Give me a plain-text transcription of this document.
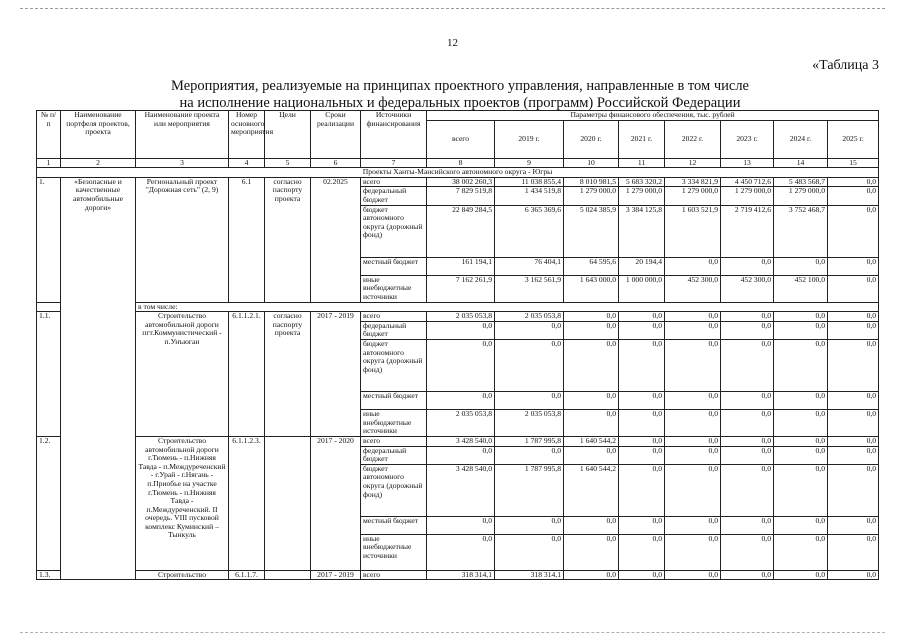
12
«Таблица 3
Мероприятия, реализуемые на принципах проектного управления, направленные в том числе
на исполнение национальных и федеральных проектов (программ) Российской Федерации
№ п/п	Наименование портфеля проектов, проекта	Наименование проекта или мероприятия	Номер основного мероприятия	Цели	Сроки реализации	Источники финансирования	Параметры финансового обеспечения, тыс. рублей							
							всего	2019 г.	2020 г.	2021 г.	2022 г.	2023 г.	2024 г.	2025 г.
1	2	3	4	5	6	7	8	9	10	11	12	13	14	15
Проекты Ханты-Мансийского автономного округа - Югры														
1.	«Безопасные и качественные автомобильные дороги»	Региональный проект "Дорожная сеть" (2, 9)	6.1	согласно паспорту проекта	02.2025	всего	38 002 260,3	11 038 855,4	8 010 981,5	5 683 320,2	3 334 821,9	4 450 712,6	5 483 568,7	0,0
						федеральный бюджет	7 829 519,8	1 434 519,8	1 279 000,0	1 279 000,0	1 279 000,0	1 279 000,0	1 279 000,0	0,0
						бюджет автономного округа (дорожный фонд)	22 849 284,5	6 365 369,6	5 024 385,9	3 384 125,8	1 603 521,9	2 719 412,6	3 752 468,7	0,0
						местный бюджет	161 194,1	76 404,1	64 595,6	20 194,4	0,0	0,0	0,0	0,0
						иные внебюджетные источники	7 162 261,9	3 162 561,9	1 643 000,0	1 000 000,0	452 300,0	452 300,0	452 100,0	0,0
		в том числе:												
1.1.		Строительство автомобильной дороги пгт.Коммунистический - п.Унъюган	6.1.1.2.1.	согласно паспорту проекта	2017 - 2019	всего	2 035 053,8	2 035 053,8	0,0	0,0	0,0	0,0	0,0	0,0
						федеральный бюджет	0,0	0,0	0,0	0,0	0,0	0,0	0,0	0,0
						бюджет автономного округа (дорожный фонд)	0,0	0,0	0,0	0,0	0,0	0,0	0,0	0,0
						местный бюджет	0,0	0,0	0,0	0,0	0,0	0,0	0,0	0,0
						иные внебюджетные источники	2 035 053,8	2 035 053,8	0,0	0,0	0,0	0,0	0,0	0,0
1.2.		Строительство автомобильной дороги г.Тюмень - п.Нижняя Тавда - п.Междуреченский - г.Урай - г.Нягань - п.Приобье на участке г.Тюмень - п.Нижняя Тавда - п.Междуреченский. II очередь. VIII пусковой комплекс Куминский – Тынкуль	6.1.1.2.3.		2017 - 2020	всего	3 428 540,0	1 787 995,8	1 640 544,2	0,0	0,0	0,0	0,0	0,0
						федеральный бюджет	0,0	0,0	0,0	0,0	0,0	0,0	0,0	0,0
						бюджет автономного округа (дорожный фонд)	3 428 540,0	1 787 995,8	1 640 544,2	0,0	0,0	0,0	0,0	0,0
						местный бюджет	0,0	0,0	0,0	0,0	0,0	0,0	0,0	0,0
						иные внебюджетные источники	0,0	0,0	0,0	0,0	0,0	0,0	0,0	0,0
1.3.		Строительство	6.1.1.7.		2017 - 2019	всего	318 314,1	318 314,1	0,0	0,0	0,0	0,0	0,0	0,0
